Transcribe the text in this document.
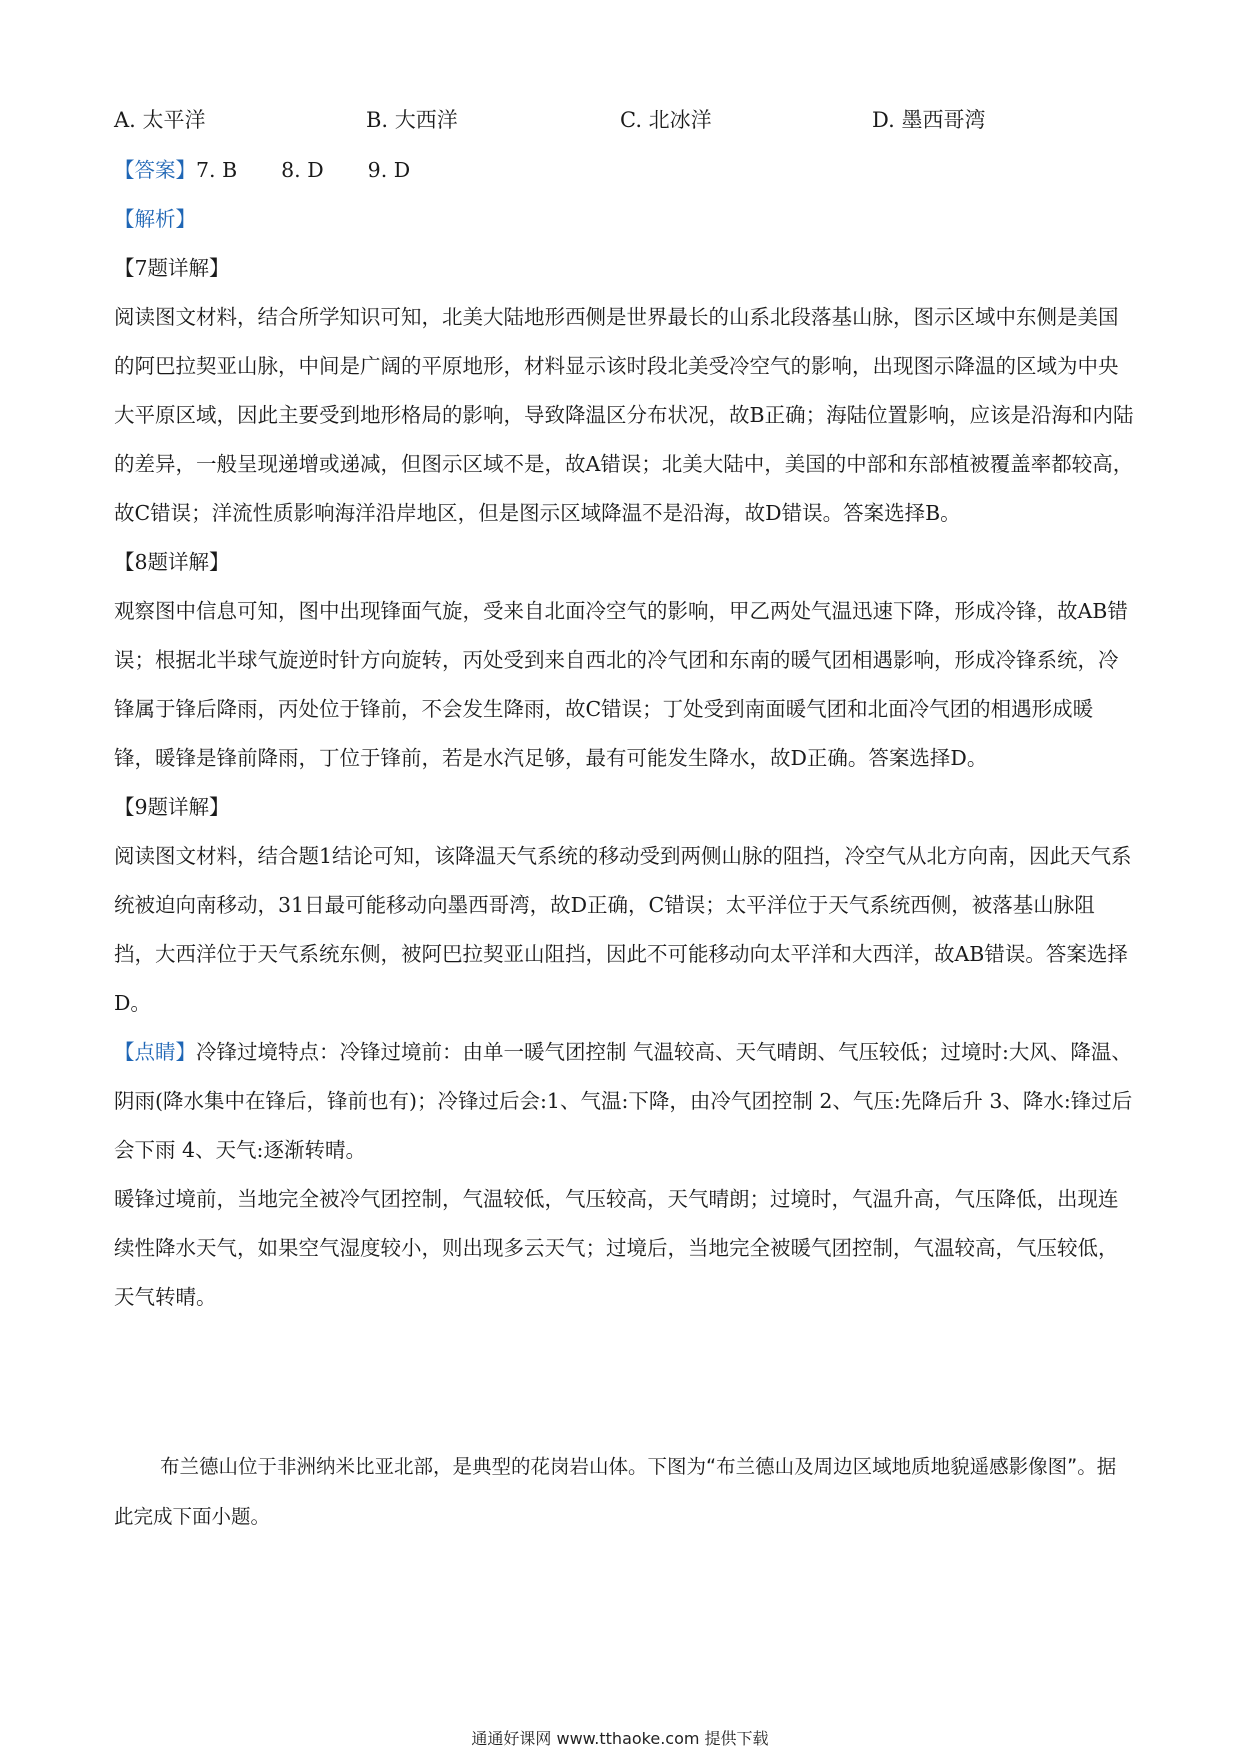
A. 太平洋	B. 大西洋	C. 北冰洋	D. 墨西哥湾

【答案】7. B 8. D 9. D

【解析】

【7题详解】

阅读图文材料，结合所学知识可知，北美大陆地形西侧是世界最长的山系北段落基山脉，图示区域中东侧是美国的阿巴拉契亚山脉，中间是广阔的平原地形，材料显示该时段北美受冷空气的影响，出现图示降温的区域为中央大平原区域，因此主要受到地形格局的影响，导致降温区分布状况，故B正确；海陆位置影响，应该是沿海和内陆的差异，一般呈现递增或递减，但图示区域不是，故A错误；北美大陆中，美国的中部和东部植被覆盖率都较高，故C错误；洋流性质影响海洋沿岸地区，但是图示区域降温不是沿海，故D错误。答案选择B。

【8题详解】

观察图中信息可知，图中出现锋面气旋，受来自北面冷空气的影响，甲乙两处气温迅速下降，形成冷锋，故AB错误；根据北半球气旋逆时针方向旋转，丙处受到来自西北的冷气团和东南的暖气团相遇影响，形成冷锋系统，冷锋属于锋后降雨，丙处位于锋前，不会发生降雨，故C错误；丁处受到南面暖气团和北面冷气团的相遇形成暖锋，暖锋是锋前降雨，丁位于锋前，若是水汽足够，最有可能发生降水，故D正确。答案选择D。

【9题详解】

阅读图文材料，结合题1结论可知，该降温天气系统的移动受到两侧山脉的阻挡，冷空气从北方向南，因此天气系统被迫向南移动，31日最可能移动向墨西哥湾，故D正确，C错误；太平洋位于天气系统西侧，被落基山脉阻挡，大西洋位于天气系统东侧，被阿巴拉契亚山阻挡，因此不可能移动向太平洋和大西洋，故AB错误。答案选择D。

【点睛】冷锋过境特点：冷锋过境前：由单一暖气团控制 气温较高、天气晴朗、气压较低；过境时:大风、降温、阴雨(降水集中在锋后，锋前也有)；冷锋过后会:1、气温:下降，由冷气团控制 2、气压:先降后升 3、降水:锋过后会下雨 4、天气:逐渐转晴。

暖锋过境前，当地完全被冷气团控制，气温较低，气压较高，天气晴朗；过境时，气温升高，气压降低，出现连续性降水天气，如果空气湿度较小，则出现多云天气；过境后，当地完全被暖气团控制，气温较高，气压较低，天气转晴。

布兰德山位于非洲纳米比亚北部，是典型的花岗岩山体。下图为“布兰德山及周边区域地质地貌遥感影像图”。据此完成下面小题。

通通好课网 www.tthaoke.com 提供下载
